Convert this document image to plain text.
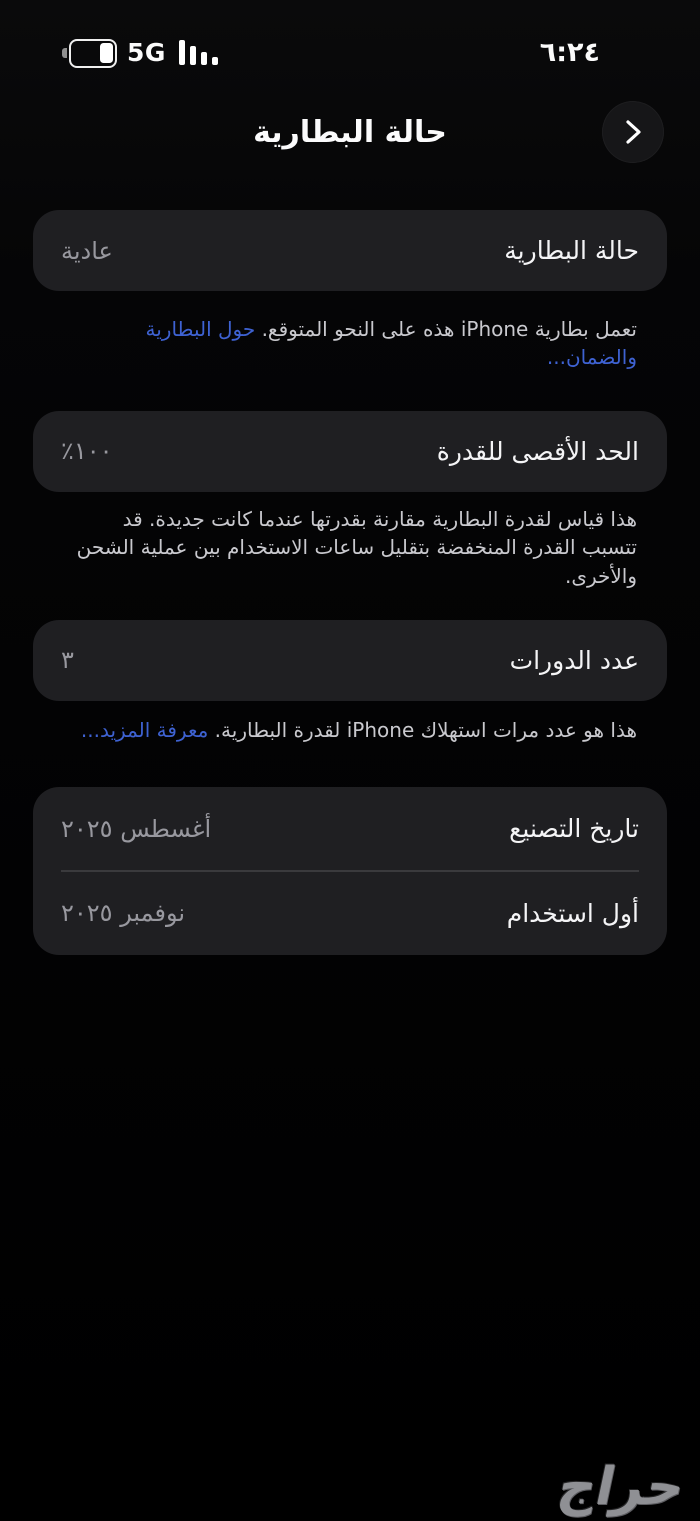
5G	٦:٢٤
حالة البطارية
حالة البطارية
عادية
تعمل بطارية iPhone هذه على النحو المتوقع. حول البطارية والضمان...
الحد الأقصى للقدرة
١٠٠٪
هذا قياس لقدرة البطارية مقارنة بقدرتها عندما كانت جديدة. قد تتسبب القدرة المنخفضة بتقليل ساعات الاستخدام بين عملية الشحن والأخرى.
عدد الدورات
٣
هذا هو عدد مرات استهلاك iPhone لقدرة البطارية. معرفة المزيد...
تاريخ التصنيع
أغسطس ٢٠٢٥
أول استخدام
نوفمبر ٢٠٢٥
حراج
